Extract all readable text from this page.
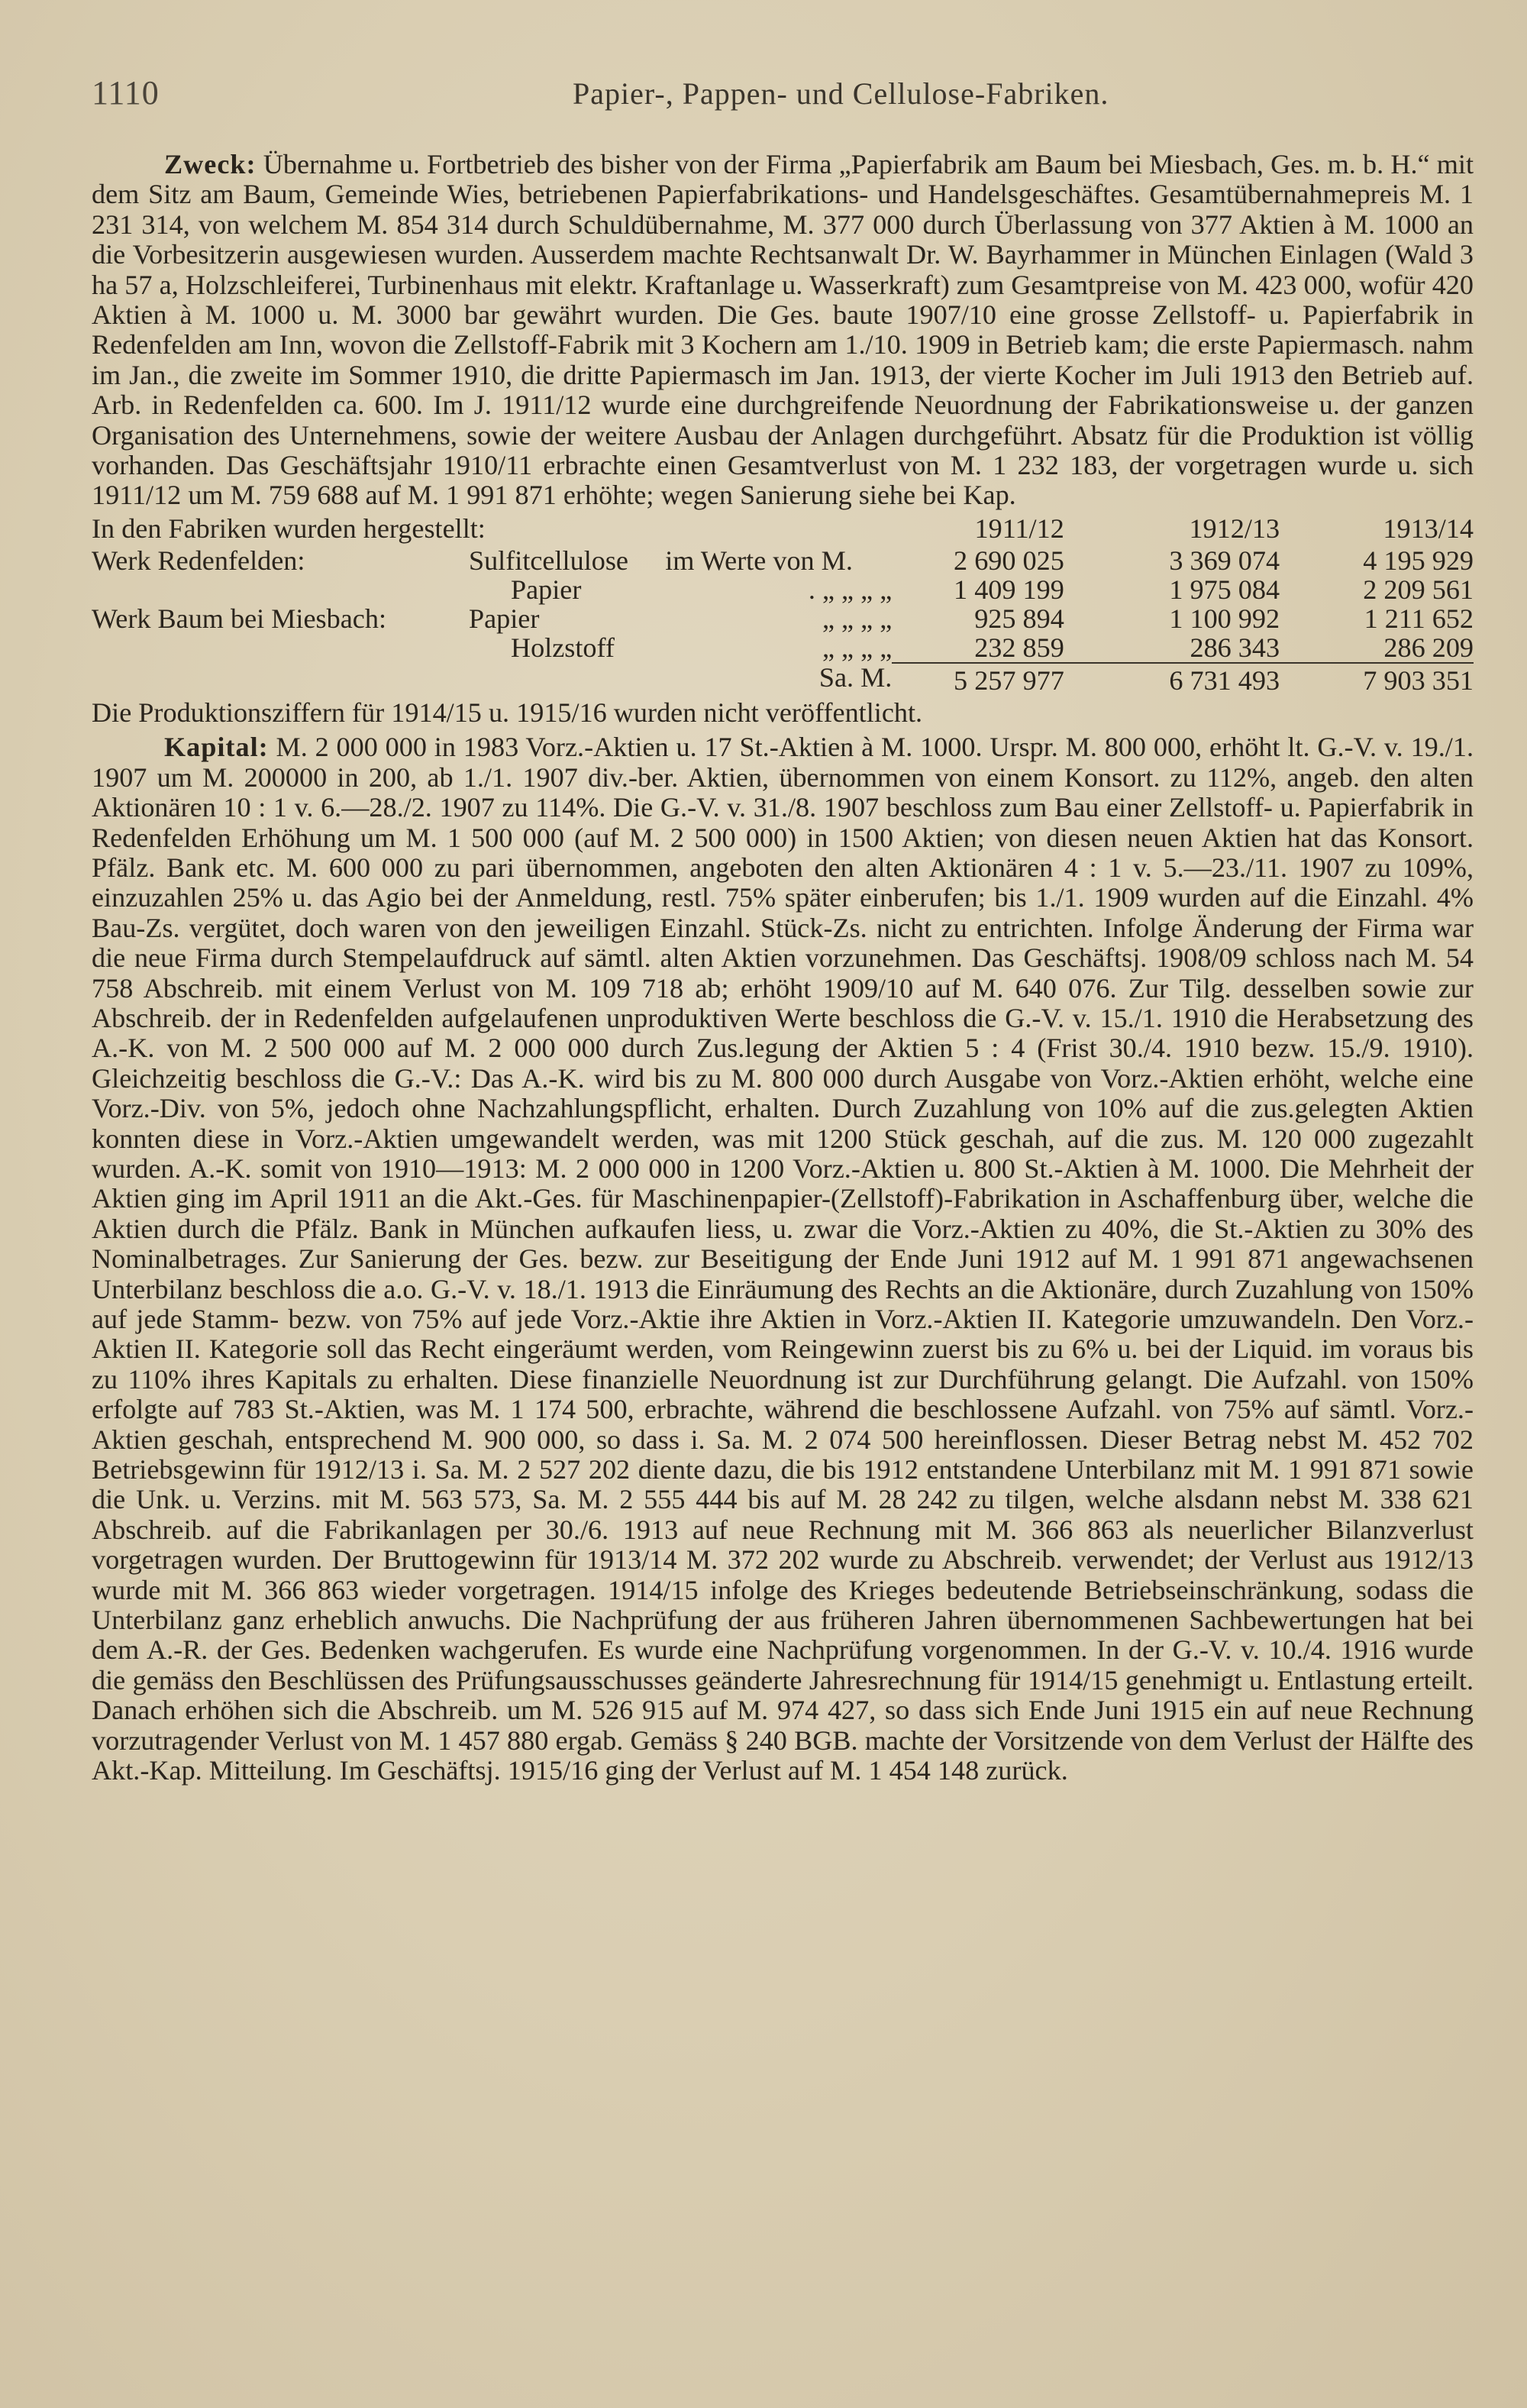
1110	Papier-, Pappen- und Cellulose-Fabriken.

Zweck: Übernahme u. Fortbetrieb des bisher von der Firma „Papierfabrik am Baum bei Miesbach, Ges. m. b. H.“ mit dem Sitz am Baum, Gemeinde Wies, betriebenen Papierfabrikations- und Handelsgeschäftes. Gesamtübernahmepreis M. 1 231 314, von welchem M. 854 314 durch Schuldübernahme, M. 377 000 durch Überlassung von 377 Aktien à M. 1000 an die Vorbesitzerin ausgewiesen wurden. Ausserdem machte Rechtsanwalt Dr. W. Bayrhammer in München Einlagen (Wald 3 ha 57 a, Holzschleiferei, Turbinenhaus mit elektr. Kraftanlage u. Wasserkraft) zum Gesamtpreise von M. 423 000, wofür 420 Aktien à M. 1000 u. M. 3000 bar gewährt wurden. Die Ges. baute 1907/10 eine grosse Zellstoff- u. Papierfabrik in Redenfelden am Inn, wovon die Zellstoff-Fabrik mit 3 Kochern am 1./10. 1909 in Betrieb kam; die erste Papiermasch. nahm im Jan., die zweite im Sommer 1910, die dritte Papiermasch im Jan. 1913, der vierte Kocher im Juli 1913 den Betrieb auf. Arb. in Redenfelden ca. 600. Im J. 1911/12 wurde eine durchgreifende Neuordnung der Fabrikationsweise u. der ganzen Organisation des Unternehmens, sowie der weitere Ausbau der Anlagen durchgeführt. Absatz für die Produktion ist völlig vorhanden. Das Geschäftsjahr 1910/11 erbrachte einen Gesamtverlust von M. 1 232 183, der vorgetragen wurde u. sich 1911/12 um M. 759 688 auf M. 1 991 871 erhöhte; wegen Sanierung siehe bei Kap.

In den Fabriken wurden hergestellt:			1911/12	1912/13	1913/14
Werk Redenfelden:	Sulfitcellulose	im Werte von M.	2 690 025	3 369 074	4 195 929
	Papier	. „ „ „ „	1 409 199	1 975 084	2 209 561
Werk Baum bei Miesbach:	Papier	„ „ „ „	925 894	1 100 992	1 211 652
	Holzstoff	„ „ „ „	232 859	286 343	286 209
		Sa. M.	5 257 977	6 731 493	7 903 351

Die Produktionsziffern für 1914/15 u. 1915/16 wurden nicht veröffentlicht.

Kapital: M. 2 000 000 in 1983 Vorz.-Aktien u. 17 St.-Aktien à M. 1000. Urspr. M. 800 000, erhöht lt. G.-V. v. 19./1. 1907 um M. 200000 in 200, ab 1./1. 1907 div.-ber. Aktien, übernommen von einem Konsort. zu 112%, angeb. den alten Aktionären 10 : 1 v. 6.—28./2. 1907 zu 114%. Die G.-V. v. 31./8. 1907 beschloss zum Bau einer Zellstoff- u. Papierfabrik in Redenfelden Erhöhung um M. 1 500 000 (auf M. 2 500 000) in 1500 Aktien; von diesen neuen Aktien hat das Konsort. Pfälz. Bank etc. M. 600 000 zu pari übernommen, angeboten den alten Aktionären 4 : 1 v. 5.—23./11. 1907 zu 109%, einzuzahlen 25% u. das Agio bei der Anmeldung, restl. 75% später einberufen; bis 1./1. 1909 wurden auf die Einzahl. 4% Bau-Zs. vergütet, doch waren von den jeweiligen Einzahl. Stück-Zs. nicht zu entrichten. Infolge Änderung der Firma war die neue Firma durch Stempelaufdruck auf sämtl. alten Aktien vorzunehmen. Das Geschäftsj. 1908/09 schloss nach M. 54 758 Abschreib. mit einem Verlust von M. 109 718 ab; erhöht 1909/10 auf M. 640 076. Zur Tilg. desselben sowie zur Abschreib. der in Redenfelden aufgelaufenen unproduktiven Werte beschloss die G.-V. v. 15./1. 1910 die Herabsetzung des A.-K. von M. 2 500 000 auf M. 2 000 000 durch Zus.legung der Aktien 5 : 4 (Frist 30./4. 1910 bezw. 15./9. 1910). Gleichzeitig beschloss die G.-V.: Das A.-K. wird bis zu M. 800 000 durch Ausgabe von Vorz.-Aktien erhöht, welche eine Vorz.-Div. von 5%, jedoch ohne Nachzahlungspflicht, erhalten. Durch Zuzahlung von 10% auf die zus.gelegten Aktien konnten diese in Vorz.-Aktien umgewandelt werden, was mit 1200 Stück geschah, auf die zus. M. 120 000 zugezahlt wurden. A.-K. somit von 1910—1913: M. 2 000 000 in 1200 Vorz.-Aktien u. 800 St.-Aktien à M. 1000. Die Mehrheit der Aktien ging im April 1911 an die Akt.-Ges. für Maschinenpapier-(Zellstoff)-Fabrikation in Aschaffenburg über, welche die Aktien durch die Pfälz. Bank in München aufkaufen liess, u. zwar die Vorz.-Aktien zu 40%, die St.-Aktien zu 30% des Nominalbetrages. Zur Sanierung der Ges. bezw. zur Beseitigung der Ende Juni 1912 auf M. 1 991 871 angewachsenen Unterbilanz beschloss die a.o. G.-V. v. 18./1. 1913 die Einräumung des Rechts an die Aktionäre, durch Zuzahlung von 150% auf jede Stamm- bezw. von 75% auf jede Vorz.-Aktie ihre Aktien in Vorz.-Aktien II. Kategorie umzuwandeln. Den Vorz.-Aktien II. Kategorie soll das Recht eingeräumt werden, vom Reingewinn zuerst bis zu 6% u. bei der Liquid. im voraus bis zu 110% ihres Kapitals zu erhalten. Diese finanzielle Neuordnung ist zur Durchführung gelangt. Die Aufzahl. von 150% erfolgte auf 783 St.-Aktien, was M. 1 174 500, erbrachte, während die beschlossene Aufzahl. von 75% auf sämtl. Vorz.-Aktien geschah, entsprechend M. 900 000, so dass i. Sa. M. 2 074 500 hereinflossen. Dieser Betrag nebst M. 452 702 Betriebsgewinn für 1912/13 i. Sa. M. 2 527 202 diente dazu, die bis 1912 entstandene Unterbilanz mit M. 1 991 871 sowie die Unk. u. Verzins. mit M. 563 573, Sa. M. 2 555 444 bis auf M. 28 242 zu tilgen, welche alsdann nebst M. 338 621 Abschreib. auf die Fabrikanlagen per 30./6. 1913 auf neue Rechnung mit M. 366 863 als neuerlicher Bilanzverlust vorgetragen wurden. Der Bruttogewinn für 1913/14 M. 372 202 wurde zu Abschreib. verwendet; der Verlust aus 1912/13 wurde mit M. 366 863 wieder vorgetragen. 1914/15 infolge des Krieges bedeutende Betriebseinschränkung, sodass die Unterbilanz ganz erheblich anwuchs. Die Nachprüfung der aus früheren Jahren übernommenen Sachbewertungen hat bei dem A.-R. der Ges. Bedenken wachgerufen. Es wurde eine Nachprüfung vorgenommen. In der G.-V. v. 10./4. 1916 wurde die gemäss den Beschlüssen des Prüfungsausschusses geänderte Jahresrechnung für 1914/15 genehmigt u. Entlastung erteilt. Danach erhöhen sich die Abschreib. um M. 526 915 auf M. 974 427, so dass sich Ende Juni 1915 ein auf neue Rechnung vorzutragender Verlust von M. 1 457 880 ergab. Gemäss § 240 BGB. machte der Vorsitzende von dem Verlust der Hälfte des Akt.-Kap. Mitteilung. Im Geschäftsj. 1915/16 ging der Verlust auf M. 1 454 148 zurück.
